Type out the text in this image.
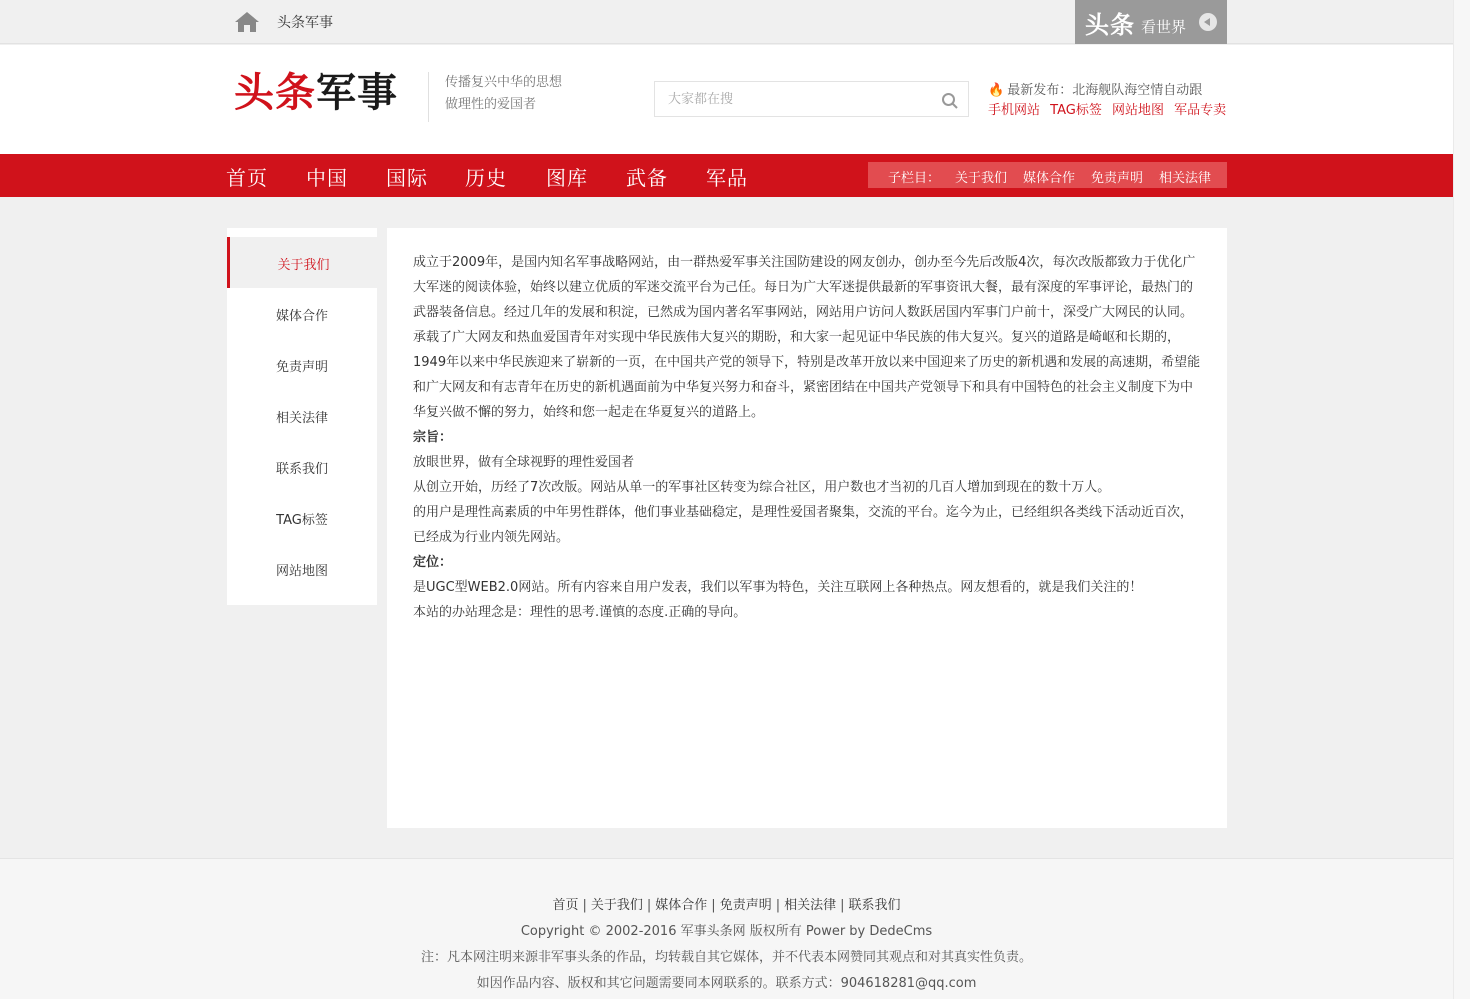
头条军事	头条 看世界
头条军事	传播复兴中华的思想
做理性的爱国者
大家都在搜
🔥 最新发布：北海舰队海空情自动跟
手机网站 TAG标签 网站地图 军品专卖
首页 中国 国际 历史 图库 武备 军品	子栏目： 关于我们 媒体合作 免责声明 相关法律
关于我们
媒体合作
免责声明
相关法律
联系我们
TAG标签
网站地图

成立于2009年，是国内知名军事战略网站，由一群热爱军事关注国防建设的网友创办，创办至今先后改版4次，每次改版都致力于优化广大军迷的阅读体验，始终以建立优质的军迷交流平台为己任。每日为广大军迷提供最新的军事资讯大餐，最有深度的军事评论，最热门的武器装备信息。经过几年的发展和积淀，已然成为国内著名军事网站，网站用户访问人数跃居国内军事门户前十，深受广大网民的认同。承载了广大网友和热血爱国青年对实现中华民族伟大复兴的期盼，和大家一起见证中华民族的伟大复兴。复兴的道路是崎岖和长期的，1949年以来中华民族迎来了崭新的一页，在中国共产党的领导下，特别是改革开放以来中国迎来了历史的新机遇和发展的高速期，希望能和广大网友和有志青年在历史的新机遇面前为中华复兴努力和奋斗，紧密团结在中国共产党领导下和具有中国特色的社会主义制度下为中华复兴做不懈的努力，始终和您一起走在华夏复兴的道路上。

宗旨：

放眼世界，做有全球视野的理性爱国者

从创立开始，历经了7次改版。网站从单一的军事社区转变为综合社区，用户数也才当初的几百人增加到现在的数十万人。

的用户是理性高素质的中年男性群体，他们事业基础稳定，是理性爱国者聚集，交流的平台。迄今为止，已经组织各类线下活动近百次，已经成为行业内领先网站。

定位：

是UGC型WEB2.0网站。所有内容来自用户发表，我们以军事为特色，关注互联网上各种热点。网友想看的，就是我们关注的！

本站的办站理念是：理性的思考.谨慎的态度.正确的导向。

首页 | 关于我们 | 媒体合作 | 免责声明 | 相关法律 | 联系我们
Copyright © 2002-2016 军事头条网 版权所有 Power by DedeCms
注：凡本网注明来源非军事头条的作品，均转载自其它媒体，并不代表本网赞同其观点和对其真实性负责。
如因作品内容、版权和其它问题需要同本网联系的。联系方式：904618281@qq.com
